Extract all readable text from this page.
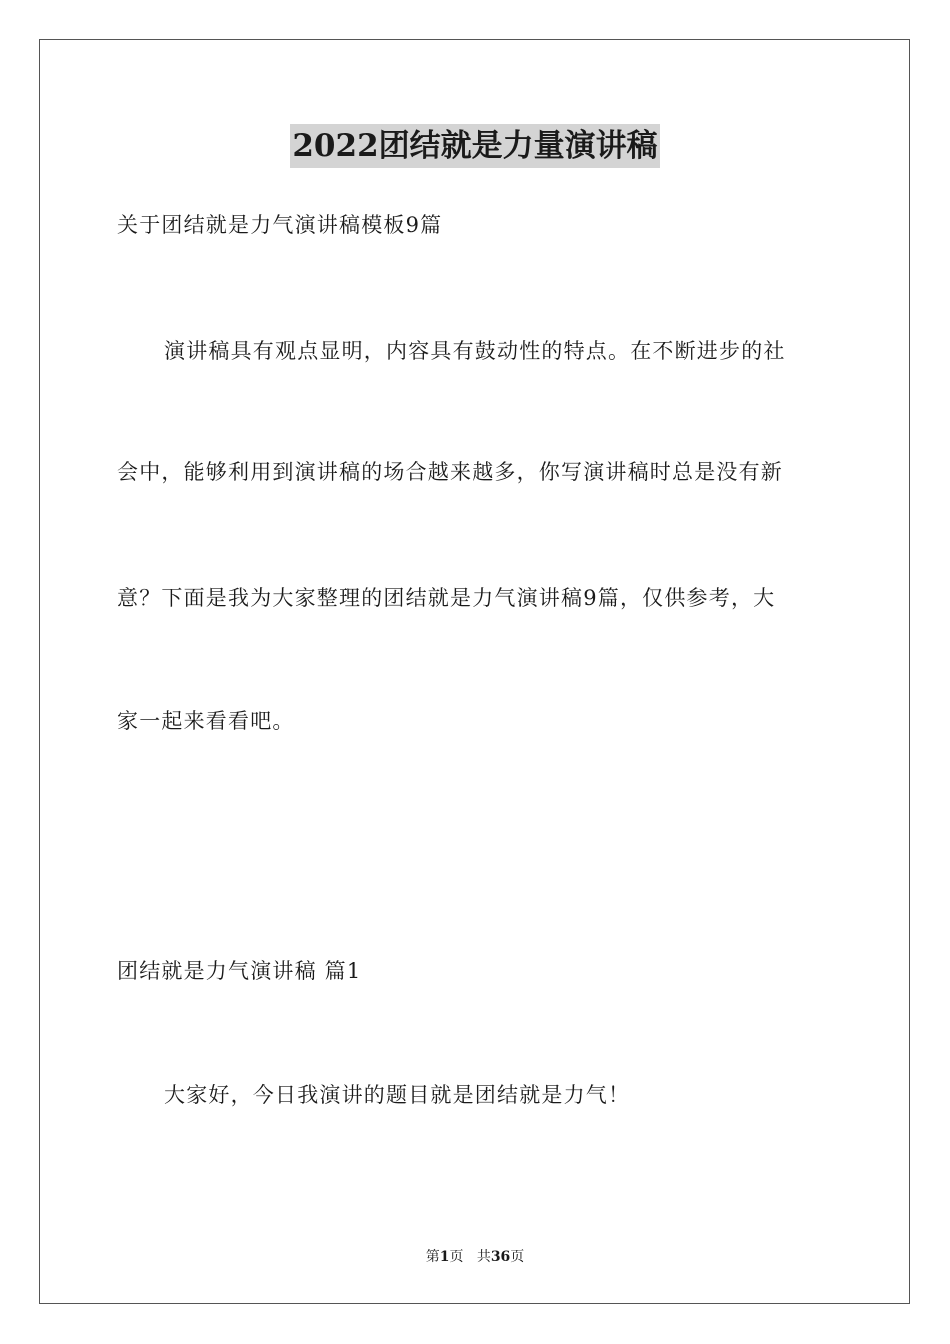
2022团结就是力量演讲稿
关于团结就是力气演讲稿模板9篇
演讲稿具有观点显明，内容具有鼓动性的特点。在不断进步的社
会中，能够利用到演讲稿的场合越来越多，你写演讲稿时总是没有新
意？下面是我为大家整理的团结就是力气演讲稿9篇，仅供参考，大
家一起来看看吧。
团结就是力气演讲稿 篇1
大家好，今日我演讲的题目就是团结就是力气！
第1页 共36页
